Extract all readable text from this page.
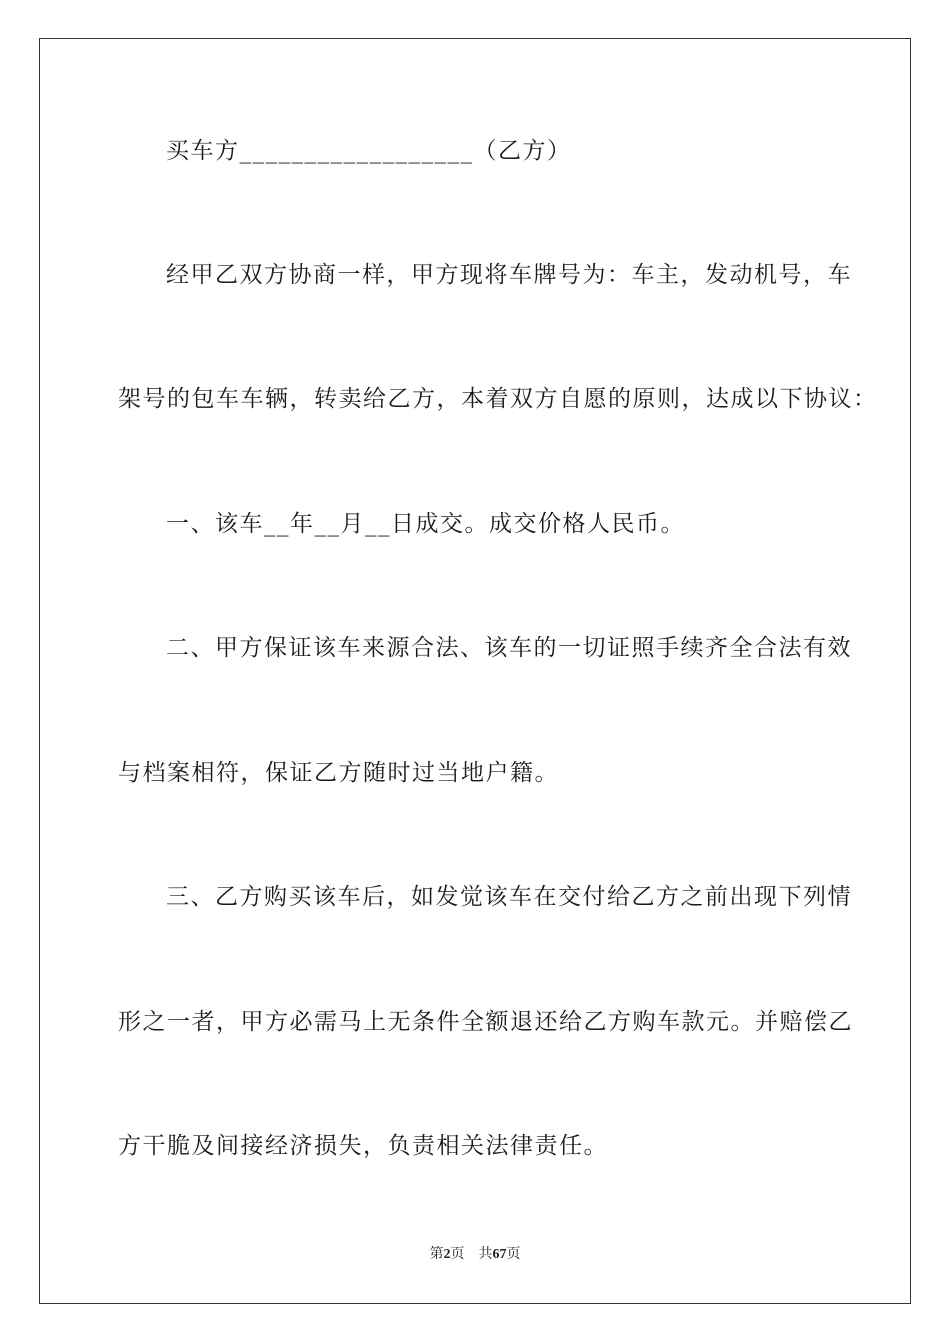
买车方__________________（乙方）
经甲乙双方协商一样，甲方现将车牌号为：车主，发动机号，车
架号的包车车辆，转卖给乙方，本着双方自愿的原则，达成以下协议：
一、该车__年__月__日成交。成交价格人民币。
二、甲方保证该车来源合法、该车的一切证照手续齐全合法有效
与档案相符，保证乙方随时过当地户籍。
三、乙方购买该车后，如发觉该车在交付给乙方之前出现下列情
形之一者，甲方必需马上无条件全额退还给乙方购车款元。并赔偿乙
方干脆及间接经济损失，负责相关法律责任。
第2页 共67页
